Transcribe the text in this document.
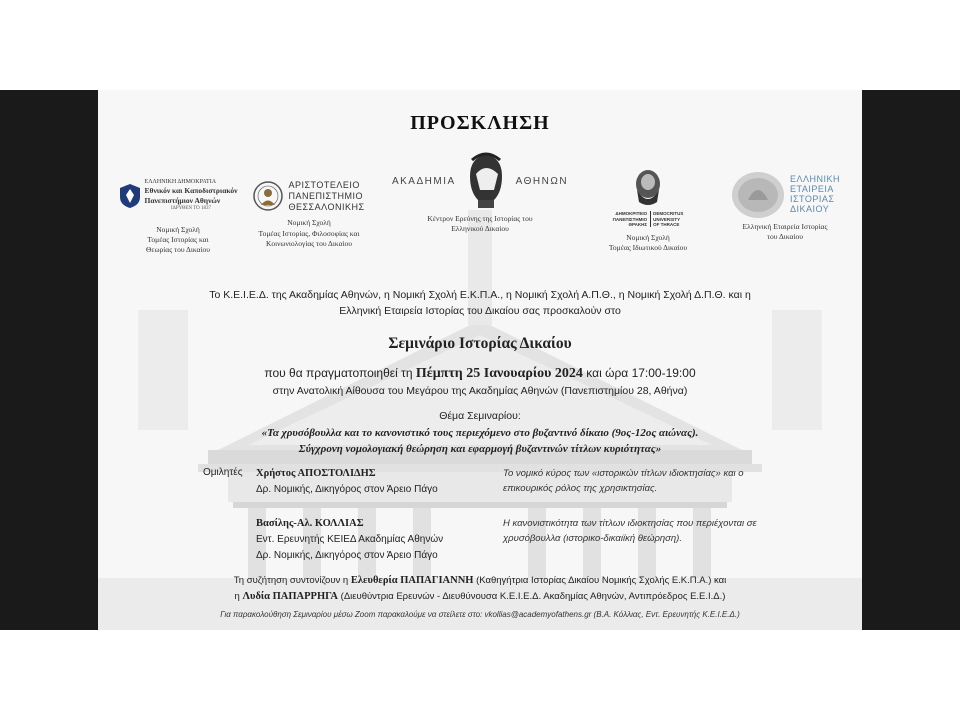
ΠΡΟΣΚΛΗΣΗ
ΕΛΛΗΝΙΚΗ ΔΗΜΟΚΡΑΤΙΑ
Εθνικόν και Καποδιστριακόν
Πανεπιστήμιον Αθηνών
ΙΔΡΥΘΕΝ ΤΟ 1837
Νομική Σχολή
Τομέας Ιστορίας και
Θεωρίας του Δικαίου
ΑΡΙΣΤΟΤΕΛΕΙΟ
ΠΑΝΕΠΙΣΤΗΜΙΟ
ΘΕΣΣΑΛΟΝΙΚΗΣ
Νομική Σχολή
Τομέας Ιστορίας, Φιλοσοφίας και
Κοινωνιολογίας του Δικαίου
ΑΚΑΔΗΜΙΑ	ΑΘΗΝΩΝ
Κέντρον Ερεύνης της Ιστορίας του
Ελληνικού Δικαίου
ΔΗΜΟΚΡΙΤΕΙΟ
ΠΑΝΕΠΙΣΤΗΜΙΟ
ΘΡΑΚΗΣ
DEMOCRITUS
UNIVERSITY
OF THRACE
Νομική Σχολή
Τομέας Ιδιωτικού Δικαίου
ΕΛΛΗΝΙΚΗ
ΕΤΑΙΡΕΙΑ
ΙΣΤΟΡΙΑΣ
ΔΙΚΑΙΟΥ
Ελληνική Εταιρεία Ιστορίας
του Δικαίου
Το Κ.Ε.Ι.Ε.Δ. της Ακαδημίας Αθηνών, η Νομική Σχολή Ε.Κ.Π.Α., η Νομική Σχολή Α.Π.Θ., η Νομική Σχολή Δ.Π.Θ. και η
Ελληνική Εταιρεία Ιστορίας του Δικαίου σας προσκαλούν στο
Σεμινάριο Ιστορίας Δικαίου
που θα πραγματοποιηθεί τη Πέμπτη 25 Ιανουαρίου 2024 και ώρα 17:00-19:00
στην Ανατολική Αίθουσα του Μεγάρου της Ακαδημίας Αθηνών (Πανεπιστημίου 28, Αθήνα)
Θέμα Σεμιναρίου:
«Τα χρυσόβουλλα και το κανονιστικό τους περιεχόμενο στο βυζαντινό δίκαιο (9ος-12ος αιώνας).
Σύγχρονη νομολογιακή θεώρηση και εφαρμογή βυζαντινών τίτλων κυριότητας»
Ομιλητές Χρήστος ΑΠΟΣΤΟΛΙΔΗΣ
Δρ. Νομικής, Δικηγόρος στον Άρειο Πάγο
Το νομικό κύρος των «ιστορικών τίτλων ιδιοκτησίας» και ο
επικουρικός ρόλος της χρησικτησίας.
Βασίλης-Αλ. ΚΟΛΛΙΑΣ
Εντ. Ερευνητής ΚΕΙΕΔ Ακαδημίας Αθηνών
Δρ. Νομικής, Δικηγόρος στον Άρειο Πάγο
Η κανονιστικότητα των τίτλων ιδιοκτησίας που περιέχονται σε
χρυσόβουλλα (ιστορικο-δικαιϊκή θεώρηση).
Τη συζήτηση συντονίζουν η Ελευθερία ΠΑΠΑΓΙΑΝΝΗ (Καθηγήτρια Ιστορίας Δικαίου Νομικής Σχολής Ε.Κ.Π.Α.) και
η Λυδία ΠΑΠΑΡΡΗΓΑ (Διευθύντρια Ερευνών - Διευθύνουσα Κ.Ε.Ι.Ε.Δ. Ακαδημίας Αθηνών, Αντιπρόεδρος Ε.Ε.Ι.Δ.)
Για παρακολούθηση Σεμιναρίου μέσω Zoom παρακαλούμε να στείλετε στο: vkollias@academyofathens.gr (Β.Α. Κόλλιας, Εντ. Ερευνητής Κ.Ε.Ι.Ε.Δ.)
